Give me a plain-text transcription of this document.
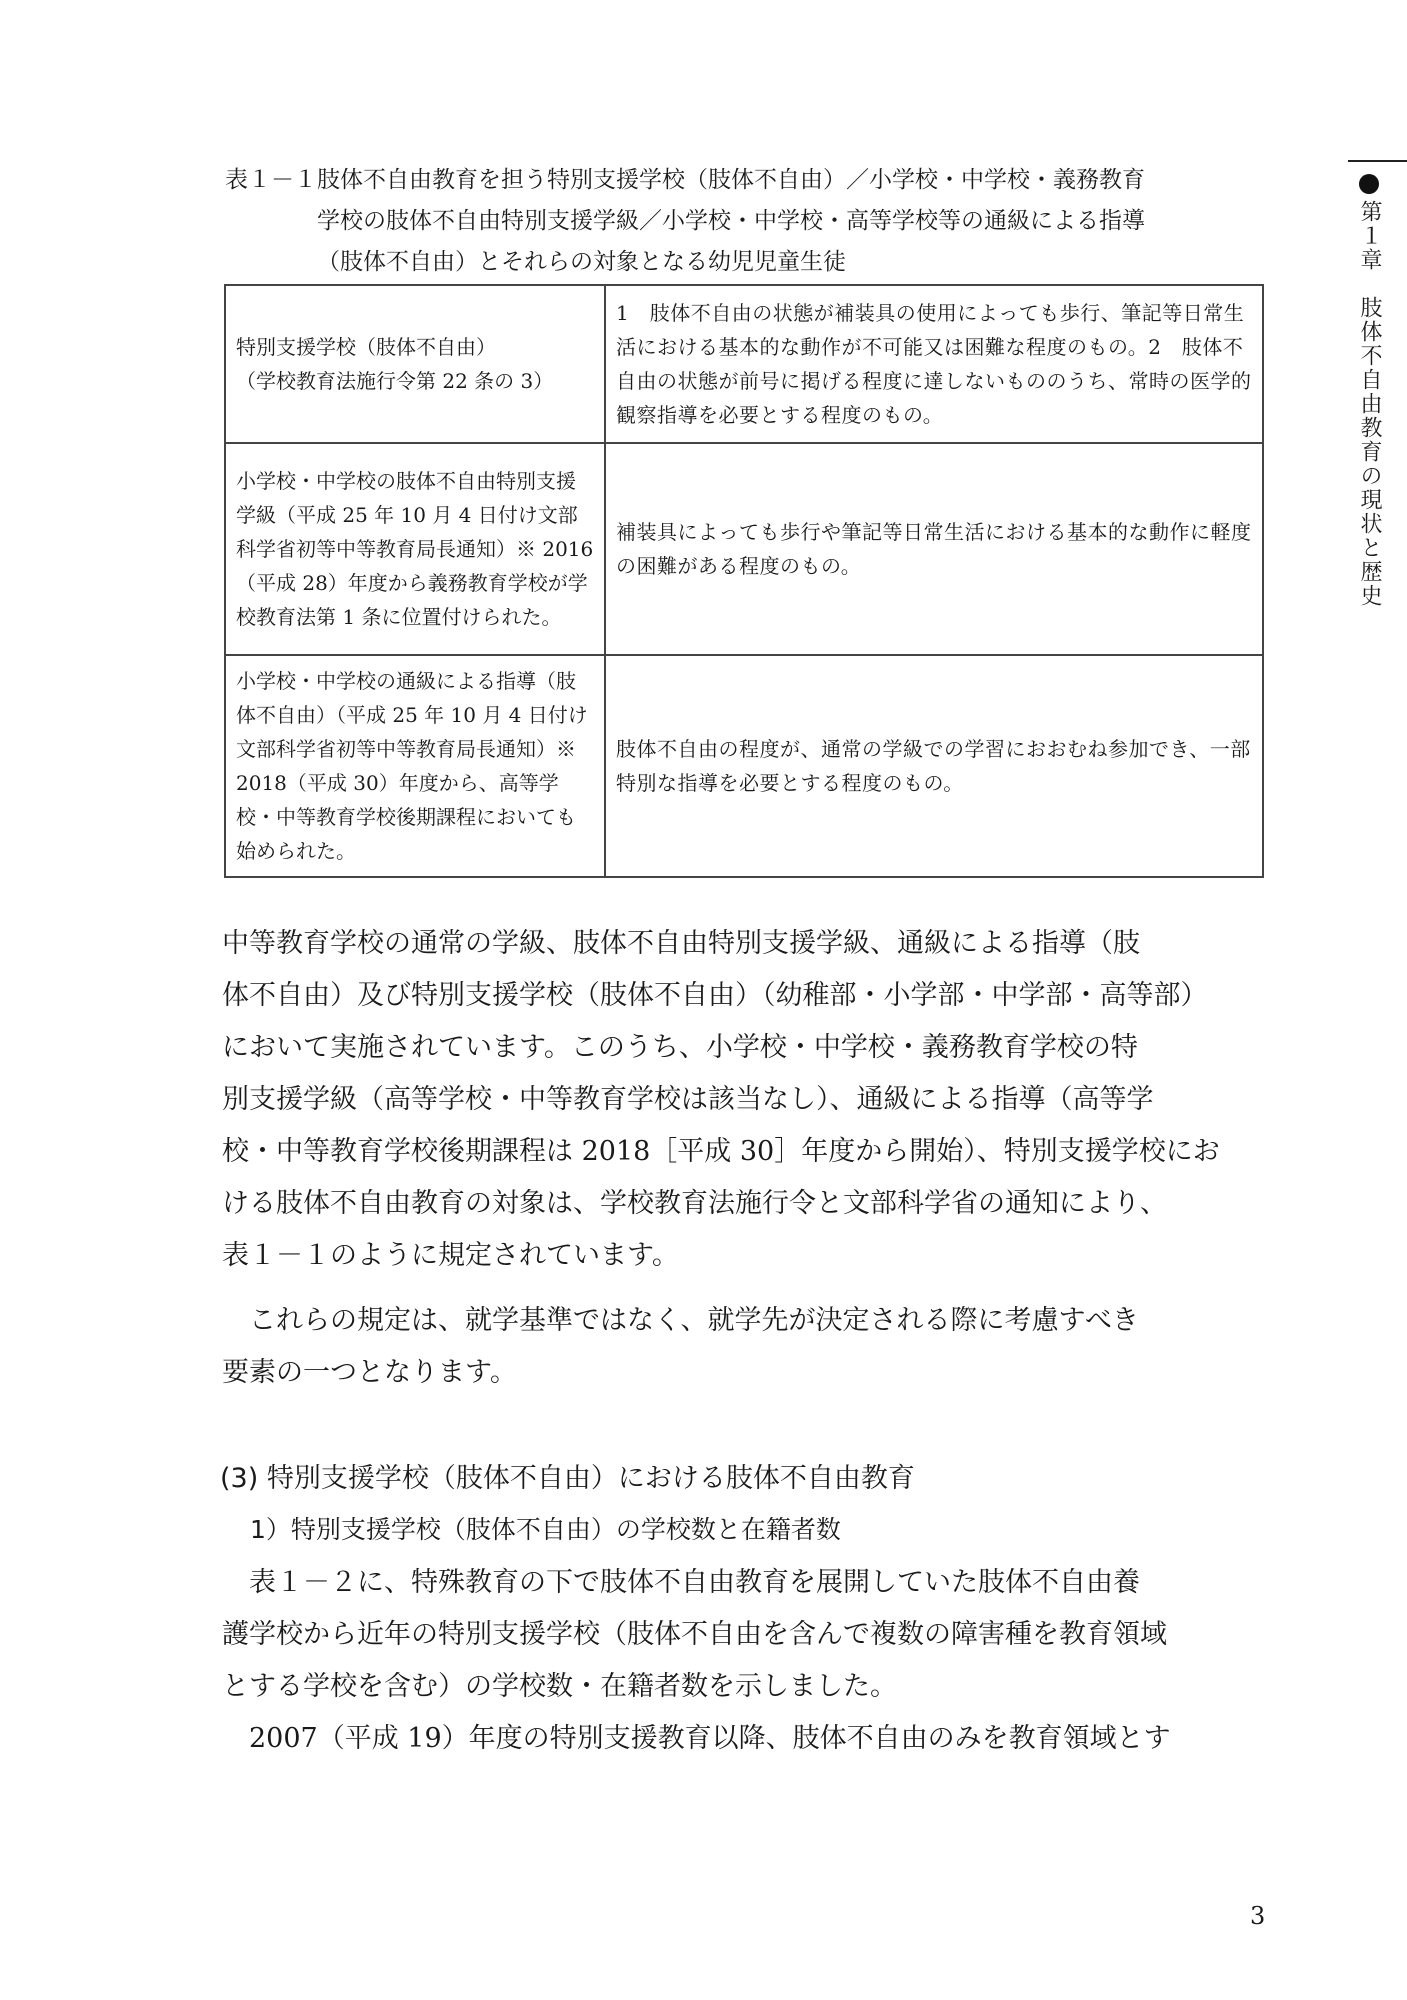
表１－１ 肢体不自由教育を担う特別支援学校（肢体不自由）／小学校・中学校・義務教育
学校の肢体不自由特別支援学級／小学校・中学校・高等学校等の通級による指導
（肢体不自由）とそれらの対象となる幼児児童生徒
特別支援学校（肢体不自由）
（学校教育法施行令第 22 条の 3）	1　肢体不自由の状態が補装具の使用によっても歩行、筆記等日常生活における基本的な動作が不可能又は困難な程度のもの。2　肢体不自由の状態が前号に掲げる程度に達しないもののうち、常時の医学的観察指導を必要とする程度のもの。
小学校・中学校の肢体不自由特別支援学級（平成 25 年 10 月 4 日付け文部科学省初等中等教育局長通知）※ 2016（平成 28）年度から義務教育学校が学校教育法第 1 条に位置付けられた。	補装具によっても歩行や筆記等日常生活における基本的な動作に軽度の困難がある程度のもの。
小学校・中学校の通級による指導（肢体不自由）（平成 25 年 10 月 4 日付け文部科学省初等中等教育局長通知）※ 2018（平成 30）年度から、高等学校・中等教育学校後期課程においても始められた。	肢体不自由の程度が、通常の学級での学習におおむね参加でき、一部特別な指導を必要とする程度のもの。

中等教育学校の通常の学級、肢体不自由特別支援学級、通級による指導（肢

体不自由）及び特別支援学校（肢体不自由）（幼稚部・小学部・中学部・高等部）

において実施されています。このうち、小学校・中学校・義務教育学校の特

別支援学級（高等学校・中等教育学校は該当なし）、通級による指導（高等学

校・中等教育学校後期課程は 2018［平成 30］年度から開始）、特別支援学校にお

ける肢体不自由教育の対象は、学校教育法施行令と文部科学省の通知により、

表１－１のように規定されています。

これらの規定は、就学基準ではなく、就学先が決定される際に考慮すべき

要素の一つとなります。

(3) 特別支援学校（肢体不自由）における肢体不自由教育
1）特別支援学校（肢体不自由）の学校数と在籍者数

表１－２に、特殊教育の下で肢体不自由教育を展開していた肢体不自由養

護学校から近年の特別支援学校（肢体不自由を含んで複数の障害種を教育領域

とする学校を含む）の学校数・在籍者数を示しました。

2007（平成 19）年度の特別支援教育以降、肢体不自由のみを教育領域とす

第１章　肢体不自由教育の現状と歴史
3
